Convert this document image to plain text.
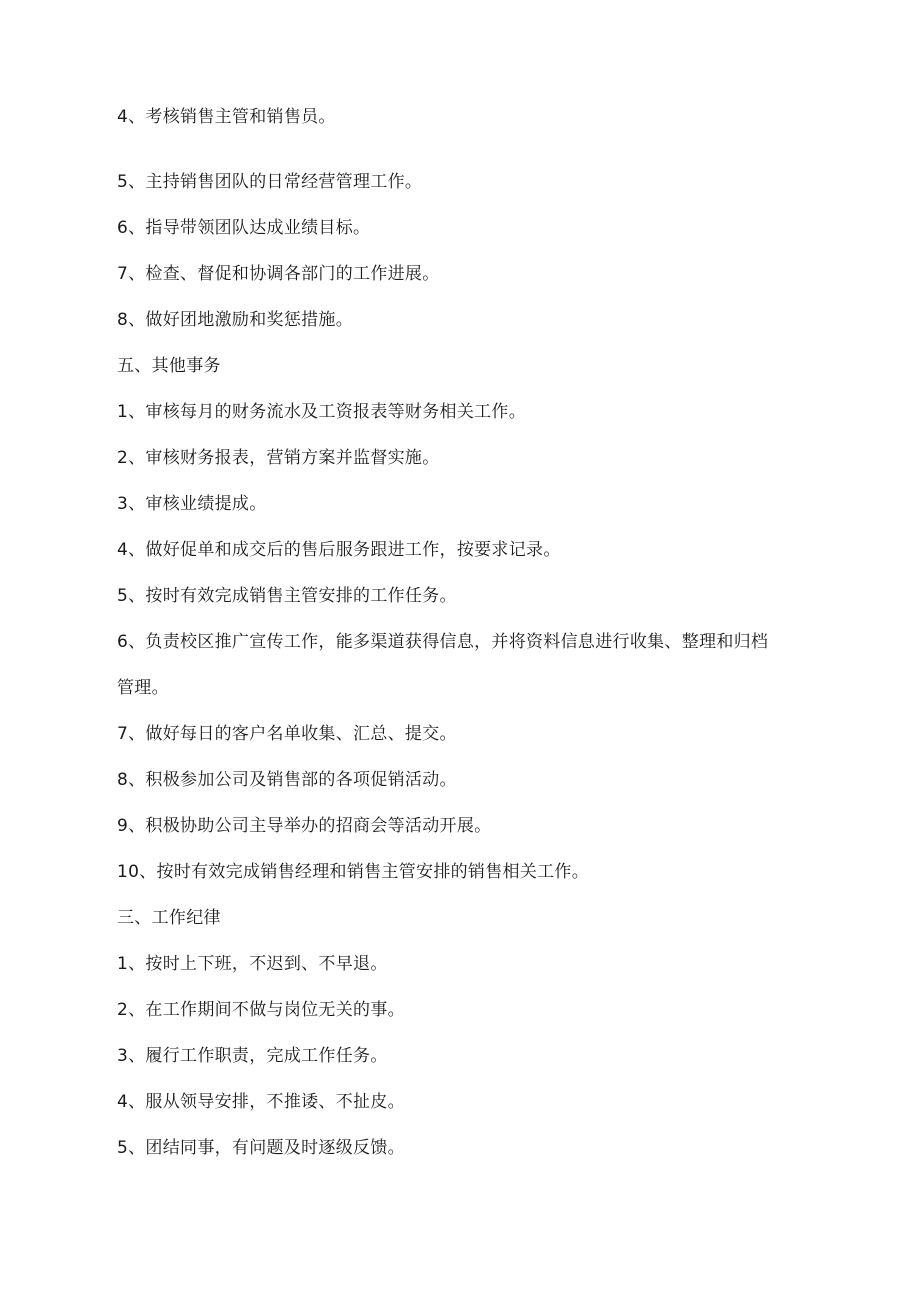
4、考核销售主管和销售员。
5、主持销售团队的日常经营管理工作。
6、指导带领团队达成业绩目标。
7、检查、督促和协调各部门的工作进展。
8、做好团地激励和奖惩措施。
五、其他事务
1、审核每月的财务流水及工资报表等财务相关工作。
2、审核财务报表，营销方案并监督实施。
3、审核业绩提成。
4、做好促单和成交后的售后服务跟进工作，按要求记录。
5、按时有效完成销售主管安排的工作任务。
6、负责校区推广宣传工作，能多渠道获得信息，并将资料信息进行收集、整理和归档
管理。
7、做好每日的客户名单收集、汇总、提交。
8、积极参加公司及销售部的各项促销活动。
9、积极协助公司主导举办的招商会等活动开展。
10、按时有效完成销售经理和销售主管安排的销售相关工作。
三、工作纪律
1、按时上下班，不迟到、不早退。
2、在工作期间不做与岗位无关的事。
3、履行工作职责，完成工作任务。
4、服从领导安排，不推诿、不扯皮。
5、团结同事，有问题及时逐级反馈。
